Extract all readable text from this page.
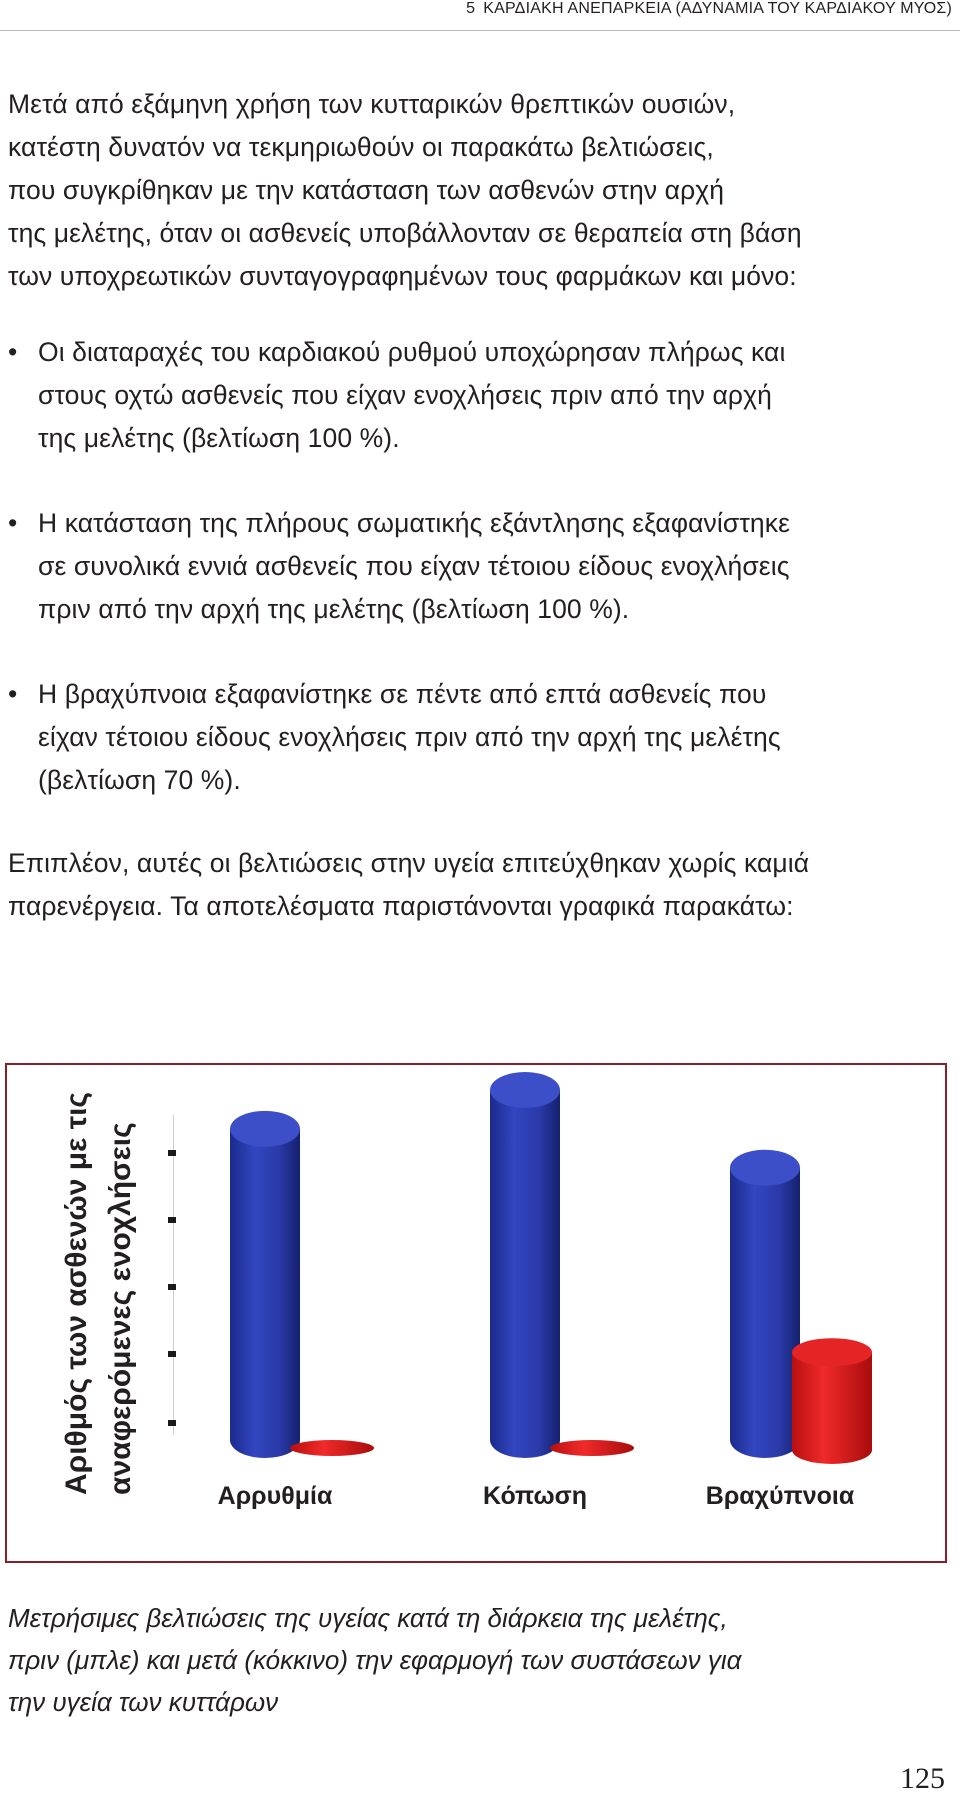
5 ΚΑΡΔΙΑΚΗ ΑΝΕΠΑΡΚΕΙΑ (ΑΔΥΝΑΜΙΑ ΤΟΥ ΚΑΡΔΙΑΚΟΥ ΜΥΟΣ)
Μετά από εξάμηνη χρήση των κυτταρικών θρεπτικών ουσιών,
κατέστη δυνατόν να τεκμηριωθούν οι παρακάτω βελτιώσεις,
που συγκρίθηκαν με την κατάσταση των ασθενών στην αρχή
της μελέτης, όταν οι ασθενείς υποβάλλονταν σε θεραπεία στη βάση
των υποχρεωτικών συνταγογραφημένων τους φαρμάκων και μόνο:
• Οι διαταραχές του καρδιακού ρυθμού υποχώρησαν πλήρως και
στους οχτώ ασθενείς που είχαν ενοχλήσεις πριν από την αρχή
της μελέτης (βελτίωση 100 %).
• Η κατάσταση της πλήρους σωματικής εξάντλησης εξαφανίστηκε
σε συνολικά εννιά ασθενείς που είχαν τέτοιου είδους ενοχλήσεις
πριν από την αρχή της μελέτης (βελτίωση 100 %).
• Η βραχύπνοια εξαφανίστηκε σε πέντε από επτά ασθενείς που
είχαν τέτοιου είδους ενοχλήσεις πριν από την αρχή της μελέτης
(βελτίωση 70 %).
Επιπλέον, αυτές οι βελτιώσεις στην υγεία επιτεύχθηκαν χωρίς καμιά
παρενέργεια. Τα αποτελέσματα παριστάνονται γραφικά παρακάτω:
Αριθμός των ασθενών με τις αναφερόμενες ενοχλήσεις
Αρρυθμία	Κόπωση	Βραχύπνοια
Μετρήσιμες βελτιώσεις της υγείας κατά τη διάρκεια της μελέτης,
πριν (μπλε) και μετά (κόκκινο) την εφαρμογή των συστάσεων για
την υγεία των κυττάρων
125
